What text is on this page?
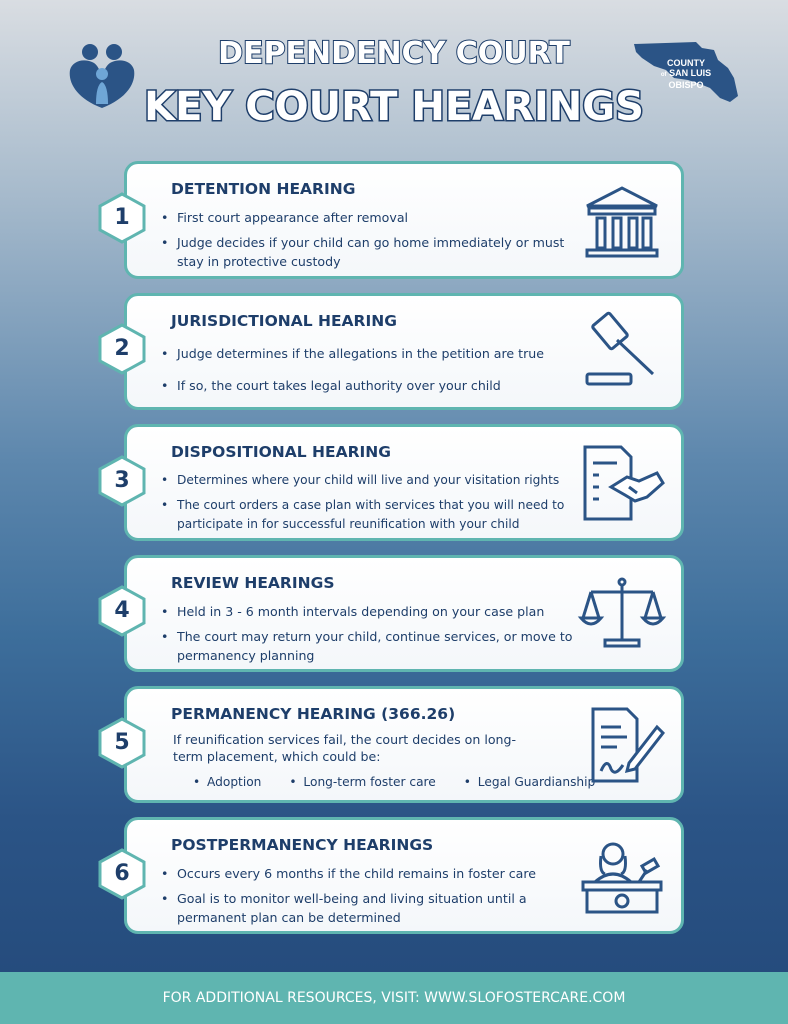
DEPENDENCY COURT
KEY COURT HEARINGS
COUNTY
of SAN LUIS
OBISPO
DETENTION HEARING
• First court appearance after removal
• Judge decides if your child can go home immediately or must stay in protective custody
1
JURISDICTIONAL HEARING
• Judge determines if the allegations in the petition are true
• If so, the court takes legal authority over your child
2
DISPOSITIONAL HEARING
• Determines where your child will live and your visitation rights
• The court orders a case plan with services that you will need to participate in for successful reunification with your child
3
REVIEW HEARINGS
• Held in 3 - 6 month intervals depending on your case plan
• The court may return your child, continue services, or move to permanency planning
4
PERMANENCY HEARING (366.26)
If reunification services fail, the court decides on long-term placement, which could be:
• Adoption	• Long-term foster care	• Legal Guardianship
5
POSTPERMANENCY HEARINGS
• Occurs every 6 months if the child remains in foster care
• Goal is to monitor well-being and living situation until a permanent plan can be determined
6
FOR ADDITIONAL RESOURCES, VISIT: WWW.SLOFOSTERCARE.COM
